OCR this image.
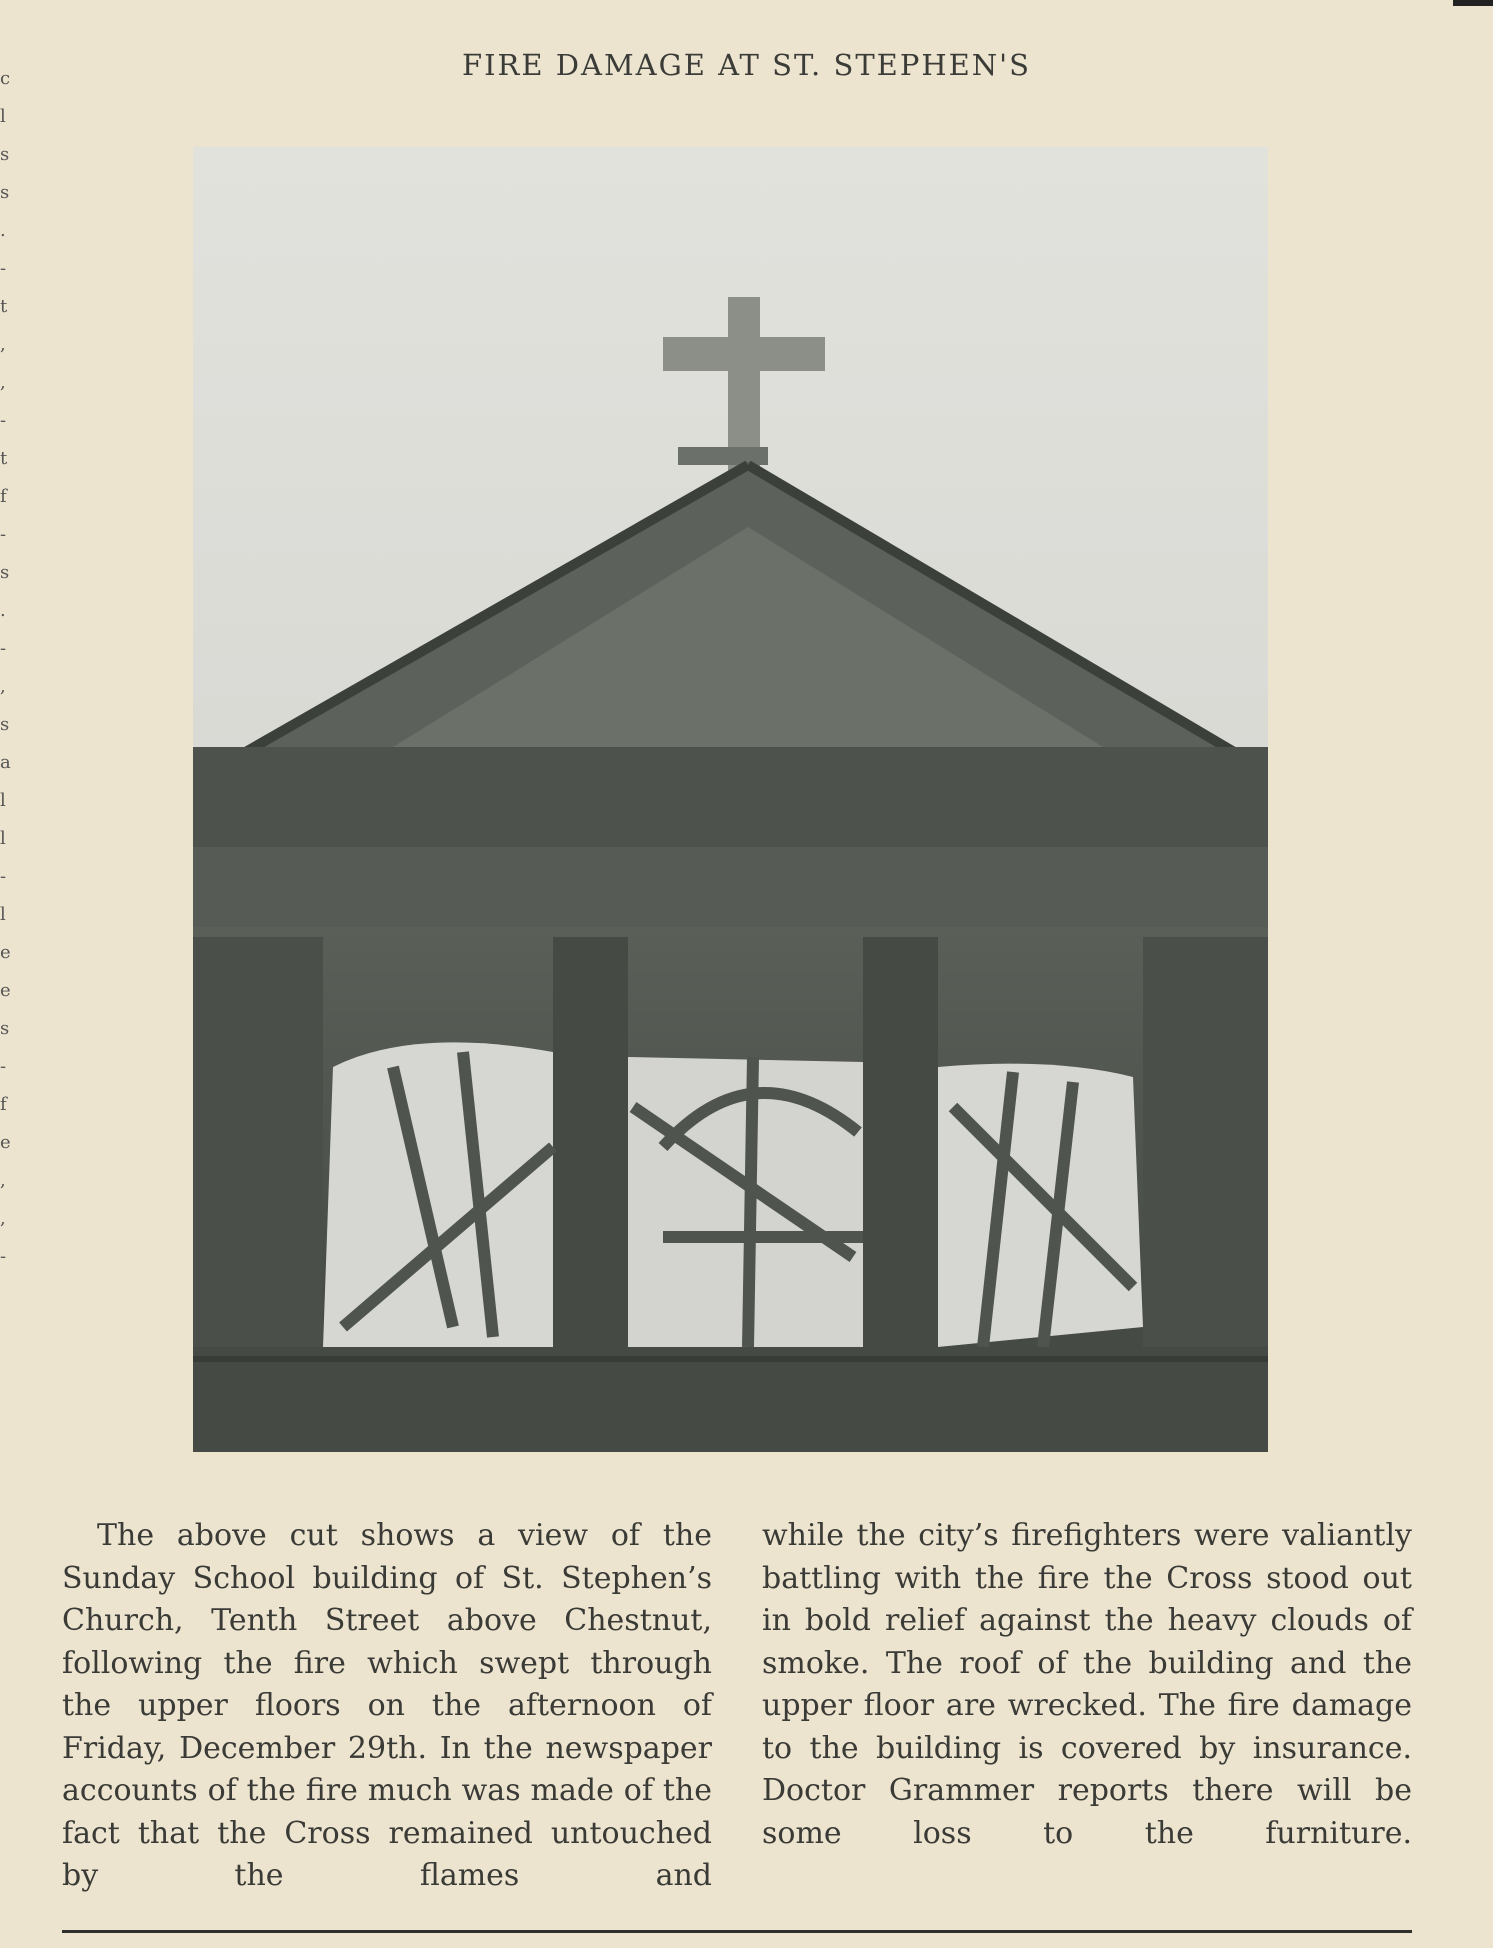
c
l
s
s
.
-
t
,
,
-
t
f
-
s
.
-
,
s
a
l
l
-
l
e
e
s
-
f
e
,
,
-
FIRE DAMAGE AT ST. STEPHEN'S

The above cut shows a view of the Sunday School building of St. Stephen’s Church, Tenth Street above Chestnut, following the fire which swept through the upper floors on the afternoon of Friday, December 29th. In the newspaper accounts of the fire much was made of the fact that the Cross remained untouched by the flames and

while the city’s firefighters were valiantly battling with the fire the Cross stood out in bold relief against the heavy clouds of smoke. The roof of the building and the upper floor are wrecked. The fire damage to the building is covered by insurance. Doctor Grammer reports there will be some loss to the furniture.
